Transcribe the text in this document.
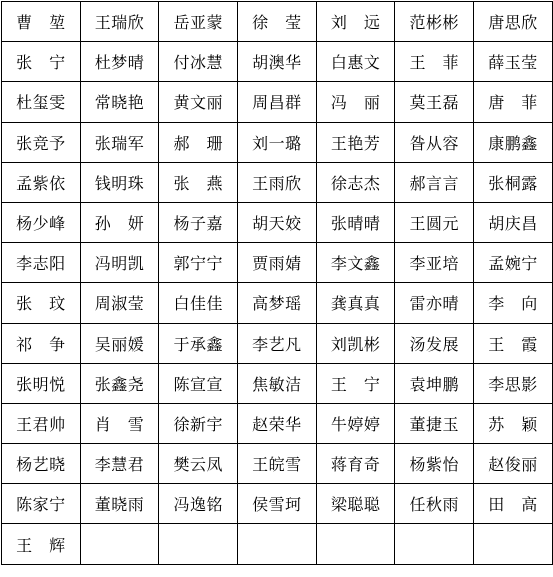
曹　堃	王瑞欣	岳亚蒙	徐　莹	刘　远	范彬彬	唐思欣
张　宁	杜梦晴	付冰慧	胡澳华	白惠文	王　菲	薛玉莹
杜玺雯	常晓艳	黄文丽	周昌群	冯　丽	莫王磊	唐　菲
张竞予	张瑞军	郝　珊	刘一璐	王艳芳	昝从容	康鹏鑫
孟紫依	钱明珠	张　燕	王雨欣	徐志杰	郝言言	张桐露
杨少峰	孙　妍	杨子嘉	胡天姣	张晴晴	王圆元	胡庆昌
李志阳	冯明凯	郭宁宁	贾雨婧	李文鑫	李亚培	孟婉宁
张　玟	周淑莹	白佳佳	高梦瑶	龚真真	雷亦晴	李　向
祁　争	吴丽媛	于承鑫	李艺凡	刘凯彬	汤发展	王　霞
张明悦	张鑫尧	陈宣宣	焦敏洁	王　宁	袁坤鹏	李思影
王君帅	肖　雪	徐新宇	赵荣华	牛婷婷	董捷玉	苏　颖
杨艺晓	李慧君	樊云凤	王皖雪	蒋育奇	杨紫怡	赵俊丽
陈家宁	董晓雨	冯逸铭	侯雪珂	梁聪聪	任秋雨	田　高
王　辉						
